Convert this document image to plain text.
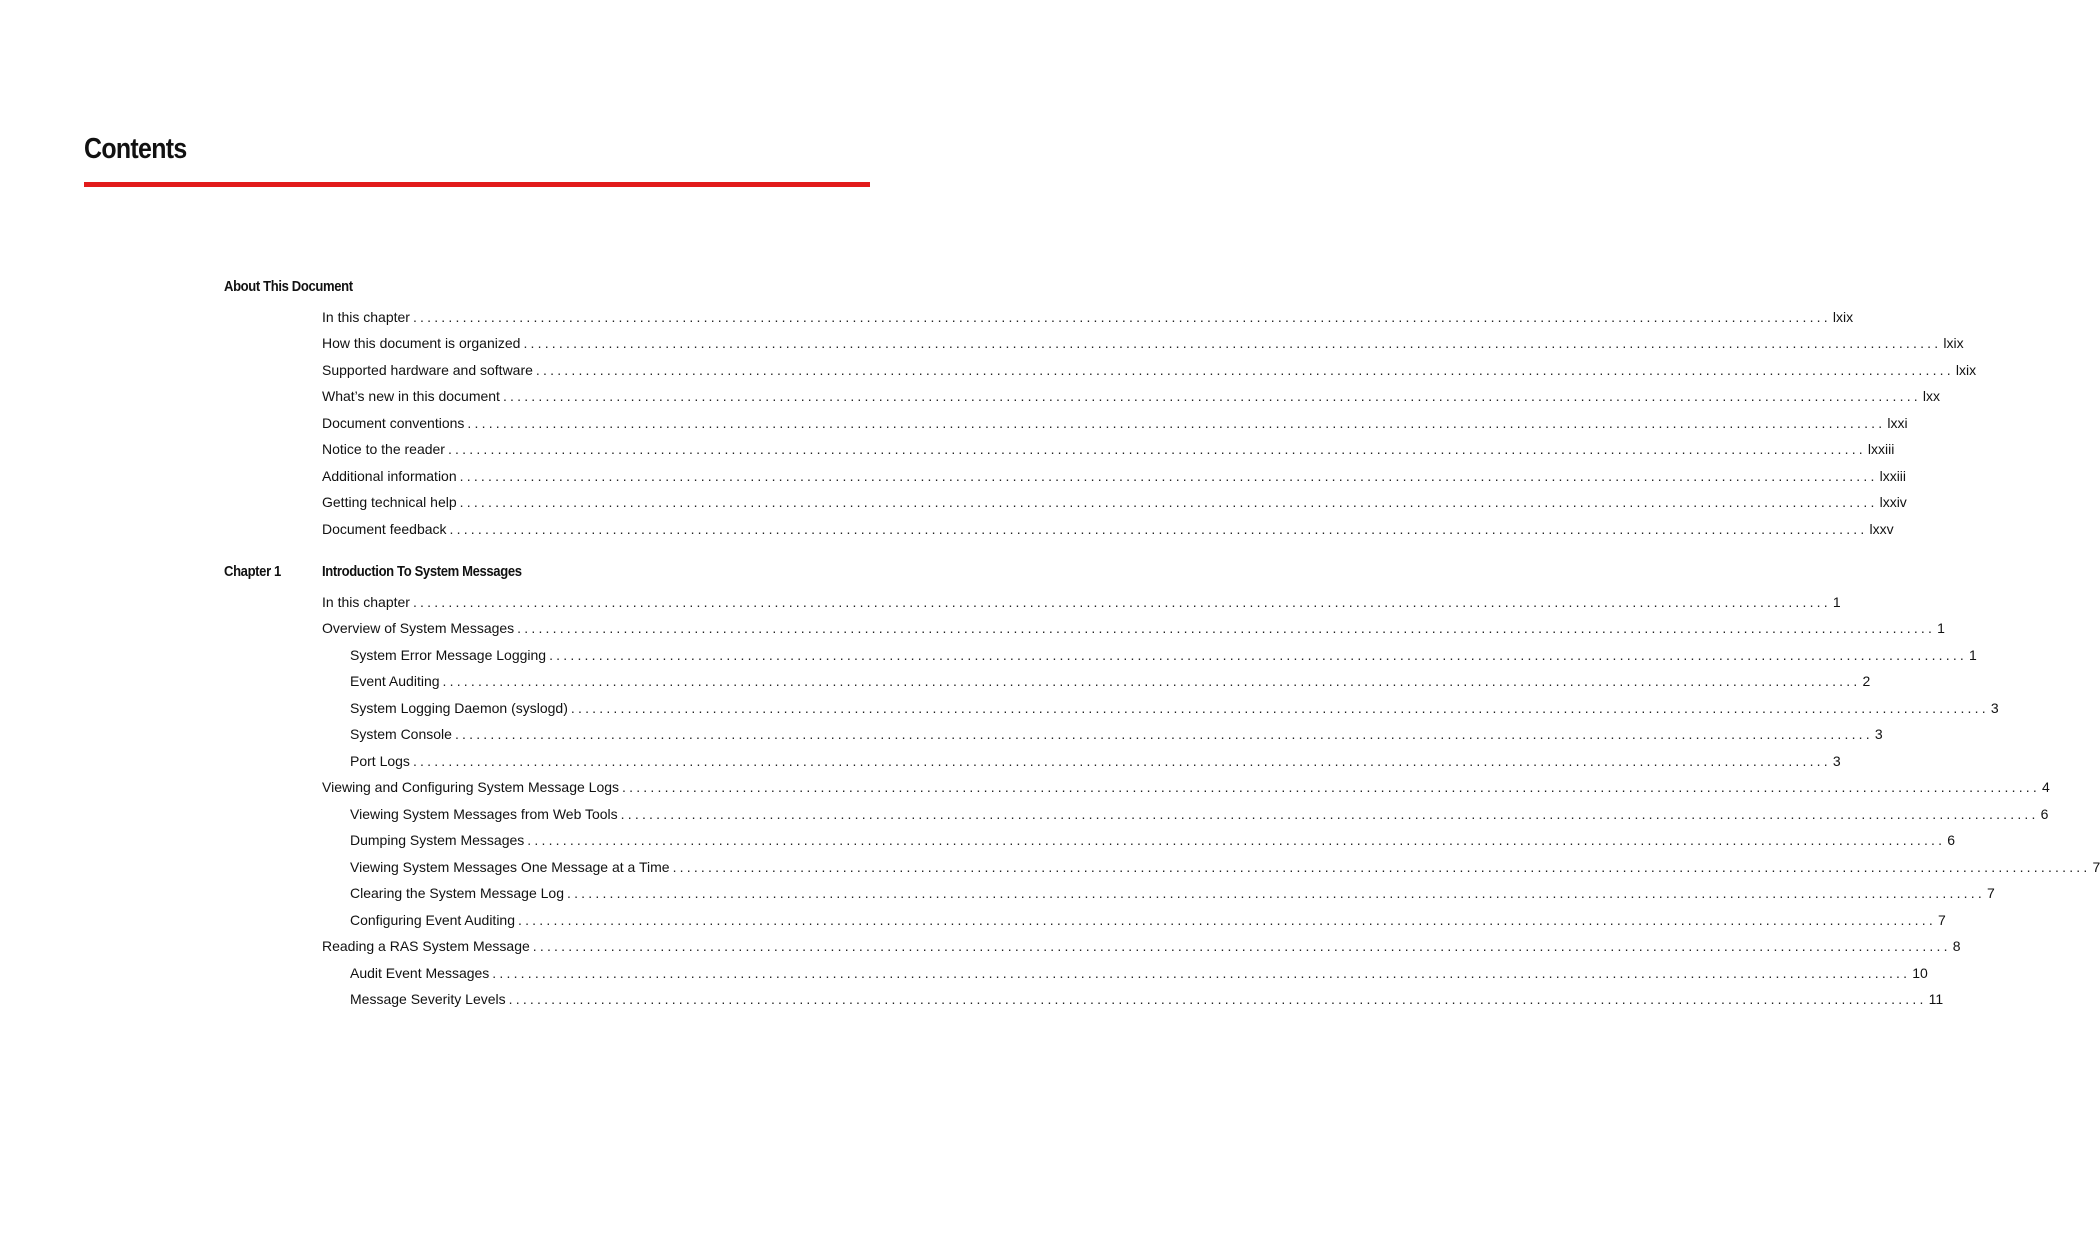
Contents
About This Document
In this chapter ........................................................................................................................................................................................................ lxix
How this document is organized ........................................................................................................................................................................................................ lxix
Supported hardware and software ........................................................................................................................................................................................................ lxix
What’s new in this document ........................................................................................................................................................................................................ lxx
Document conventions ........................................................................................................................................................................................................ lxxi
Notice to the reader ........................................................................................................................................................................................................ lxxiii
Additional information ........................................................................................................................................................................................................ lxxiii
Getting technical help ........................................................................................................................................................................................................ lxxiv
Document feedback ........................................................................................................................................................................................................ lxxv
Chapter 1	Introduction To System Messages
In this chapter ........................................................................................................................................................................................................ 1
Overview of System Messages ........................................................................................................................................................................................................ 1
System Error Message Logging ........................................................................................................................................................................................................ 1
Event Auditing ........................................................................................................................................................................................................ 2
System Logging Daemon (syslogd) ........................................................................................................................................................................................................ 3
System Console ........................................................................................................................................................................................................ 3
Port Logs ........................................................................................................................................................................................................ 3
Viewing and Configuring System Message Logs ........................................................................................................................................................................................................ 4
Viewing System Messages from Web Tools ........................................................................................................................................................................................................ 6
Dumping System Messages ........................................................................................................................................................................................................ 6
Viewing System Messages One Message at a Time ........................................................................................................................................................................................................ 7
Clearing the System Message Log ........................................................................................................................................................................................................ 7
Configuring Event Auditing ........................................................................................................................................................................................................ 7
Reading a RAS System Message ........................................................................................................................................................................................................ 8
Audit Event Messages ........................................................................................................................................................................................................ 10
Message Severity Levels ........................................................................................................................................................................................................ 11
